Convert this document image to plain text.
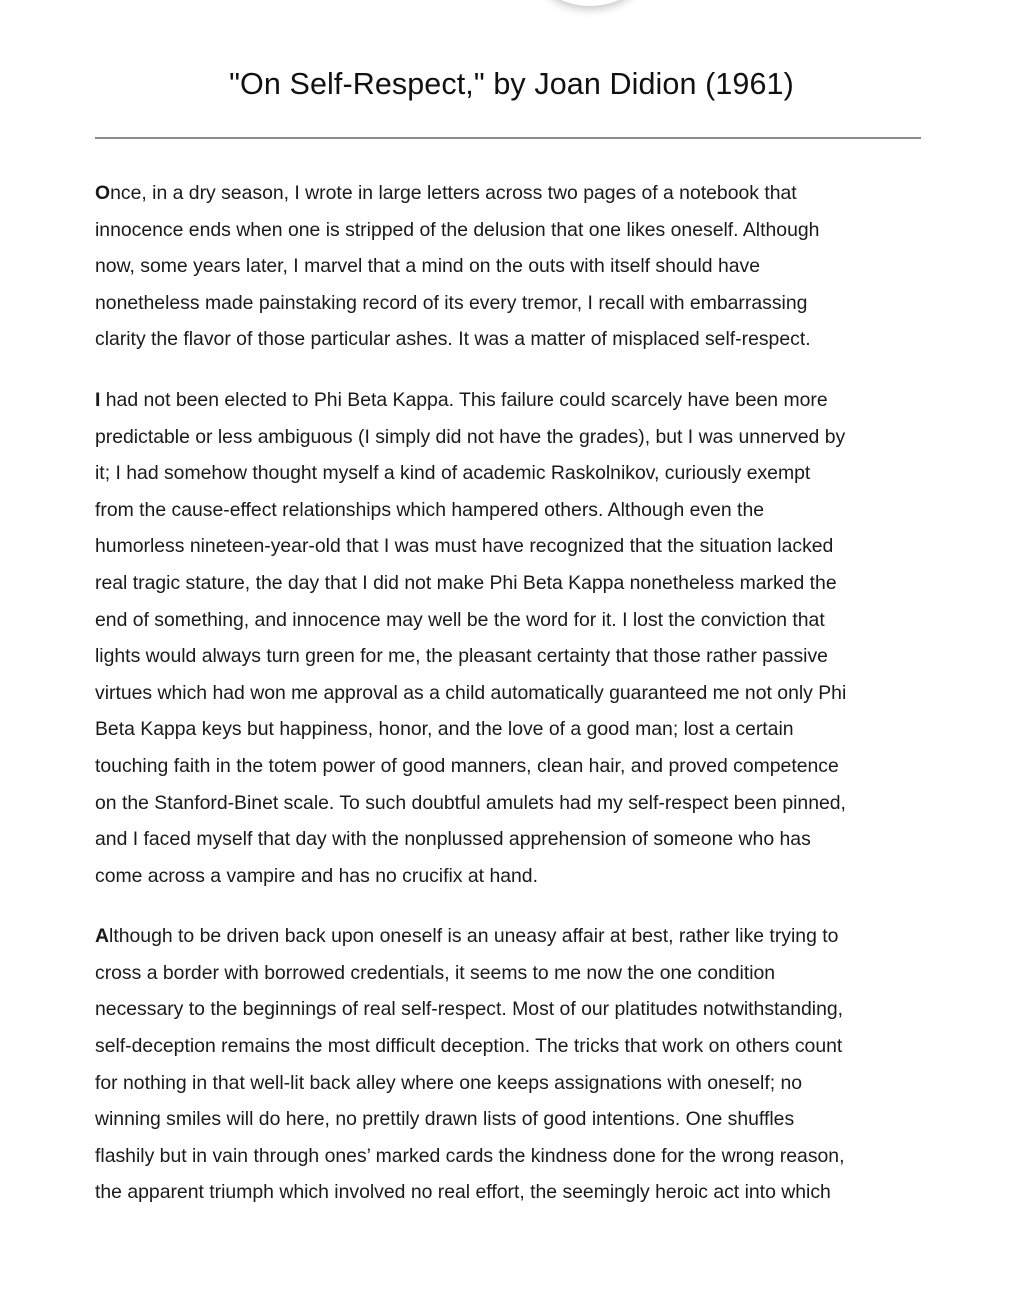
"On Self-Respect," by Joan Didion (1961)

Once, in a dry season, I wrote in large letters across two pages of a notebook that
innocence ends when one is stripped of the delusion that one likes oneself. Although
now, some years later, I marvel that a mind on the outs with itself should have
nonetheless made painstaking record of its every tremor, I recall with embarrassing
clarity the flavor of those particular ashes. It was a matter of misplaced self-respect.

I had not been elected to Phi Beta Kappa. This failure could scarcely have been more
predictable or less ambiguous (I simply did not have the grades), but I was unnerved by
it; I had somehow thought myself a kind of academic Raskolnikov, curiously exempt
from the cause-effect relationships which hampered others. Although even the
humorless nineteen-year-old that I was must have recognized that the situation lacked
real tragic stature, the day that I did not make Phi Beta Kappa nonetheless marked the
end of something, and innocence may well be the word for it. I lost the conviction that
lights would always turn green for me, the pleasant certainty that those rather passive
virtues which had won me approval as a child automatically guaranteed me not only Phi
Beta Kappa keys but happiness, honor, and the love of a good man; lost a certain
touching faith in the totem power of good manners, clean hair, and proved competence
on the Stanford-Binet scale. To such doubtful amulets had my self-respect been pinned,
and I faced myself that day with the nonplussed apprehension of someone who has
come across a vampire and has no crucifix at hand.

Although to be driven back upon oneself is an uneasy affair at best, rather like trying to
cross a border with borrowed credentials, it seems to me now the one condition
necessary to the beginnings of real self-respect. Most of our platitudes notwithstanding,
self-deception remains the most difficult deception. The tricks that work on others count
for nothing in that well-lit back alley where one keeps assignations with oneself; no
winning smiles will do here, no prettily drawn lists of good intentions. One shuffles
flashily but in vain through ones’ marked cards the kindness done for the wrong reason,
the apparent triumph which involved no real effort, the seemingly heroic act into which
